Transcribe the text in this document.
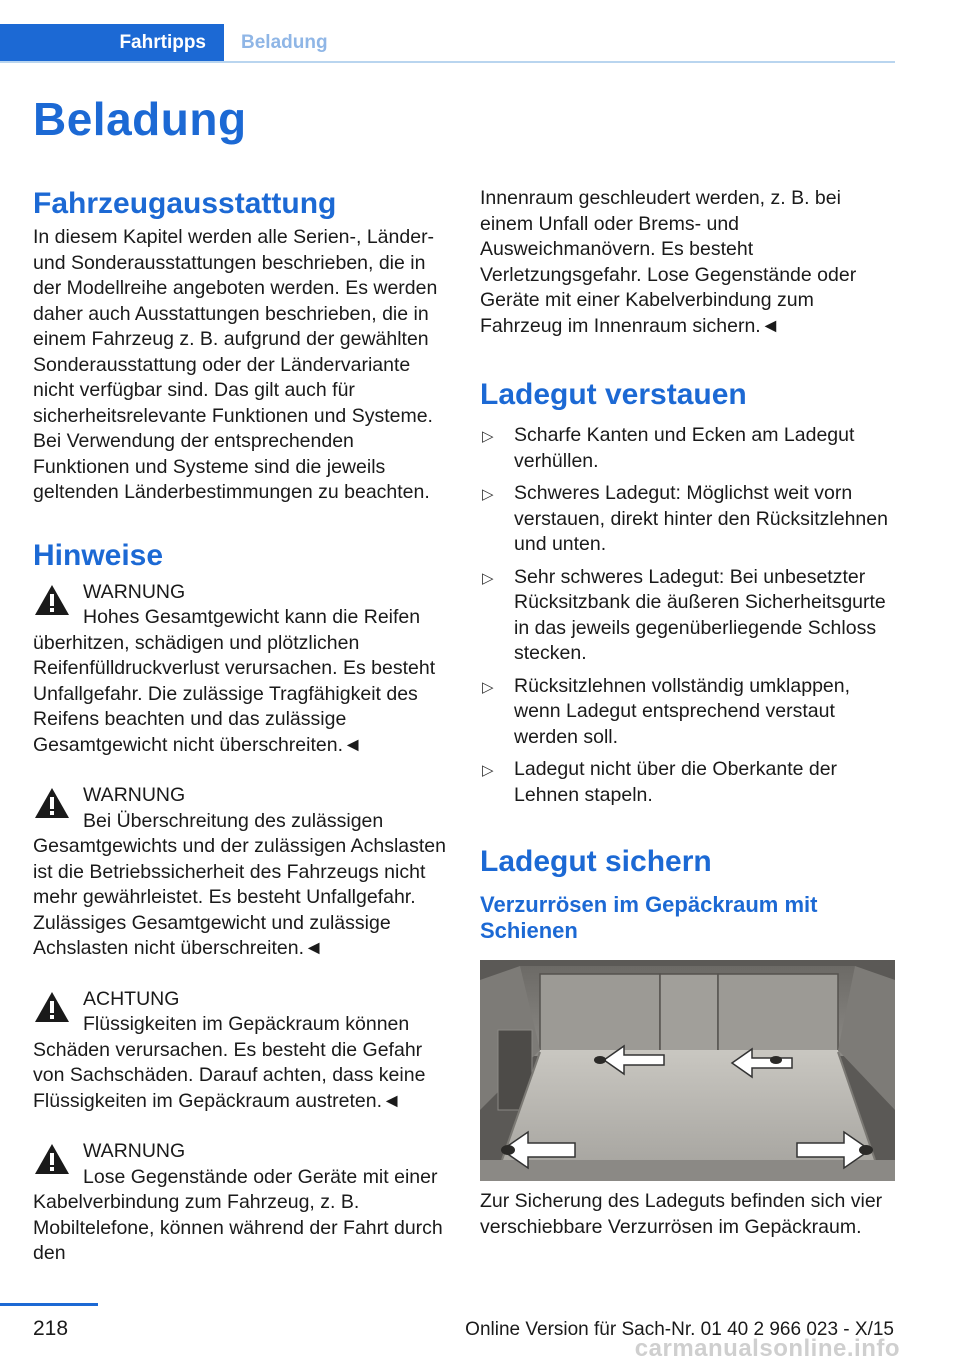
Fahrtipps Beladung
Beladung
Fahrzeugausstattung

In diesem Kapitel werden alle Serien-, Länder- und Sonderausstattungen beschrieben, die in der Modellreihe angeboten werden. Es werden daher auch Ausstattungen beschrieben, die in einem Fahrzeug z. B. aufgrund der gewählten Sonderausstattung oder der Ländervariante nicht verfügbar sind. Das gilt auch für sicherheitsrelevante Funktionen und Systeme. Bei Verwendung der entsprechenden Funktionen und Systeme sind die jeweils geltenden Länderbestimmungen zu beachten.

Hinweise

WARNUNG

Hohes Gesamtgewicht kann die Reifen überhitzen, schädigen und plötzlichen Reifenfülldruckverlust verursachen. Es besteht Unfallgefahr. Die zulässige Tragfähigkeit des Reifens beachten und das zulässige Gesamtgewicht nicht überschreiten.◄

WARNUNG

Bei Überschreitung des zulässigen Gesamtgewichts und der zulässigen Achslasten ist die Betriebssicherheit des Fahrzeugs nicht mehr gewährleistet. Es besteht Unfallgefahr. Zulässiges Gesamtgewicht und zulässige Achslasten nicht überschreiten.◄

ACHTUNG

Flüssigkeiten im Gepäckraum können Schäden verursachen. Es besteht die Gefahr von Sachschäden. Darauf achten, dass keine Flüssigkeiten im Gepäckraum austreten.◄

WARNUNG

Lose Gegenstände oder Geräte mit einer Kabelverbindung zum Fahrzeug, z. B. Mobiltelefone, können während der Fahrt durch den

Innenraum geschleudert werden, z. B. bei einem Unfall oder Brems- und Ausweichmanövern. Es besteht Verletzungsgefahr. Lose Gegenstände oder Geräte mit einer Kabelverbindung zum Fahrzeug im Innenraum sichern.◄

Ladegut verstauen
▷ Scharfe Kanten und Ecken am Ladegut verhüllen.
▷ Schweres Ladegut: Möglichst weit vorn verstauen, direkt hinter den Rücksitzlehnen und unten.
▷ Sehr schweres Ladegut: Bei unbesetzter Rücksitzbank die äußeren Sicherheitsgurte in das jeweils gegenüberliegende Schloss stecken.
▷ Rücksitzlehnen vollständig umklappen, wenn Ladegut entsprechend verstaut werden soll.
▷ Ladegut nicht über die Oberkante der Lehnen stapeln.
Ladegut sichern
Verzurrösen im Gepäckraum mit Schienen

Zur Sicherung des Ladeguts befinden sich vier verschiebbare Verzurrösen im Gepäckraum.

218	Online Version für Sach-Nr. 01 40 2 966 023 - X/15
carmanualsonline.info
